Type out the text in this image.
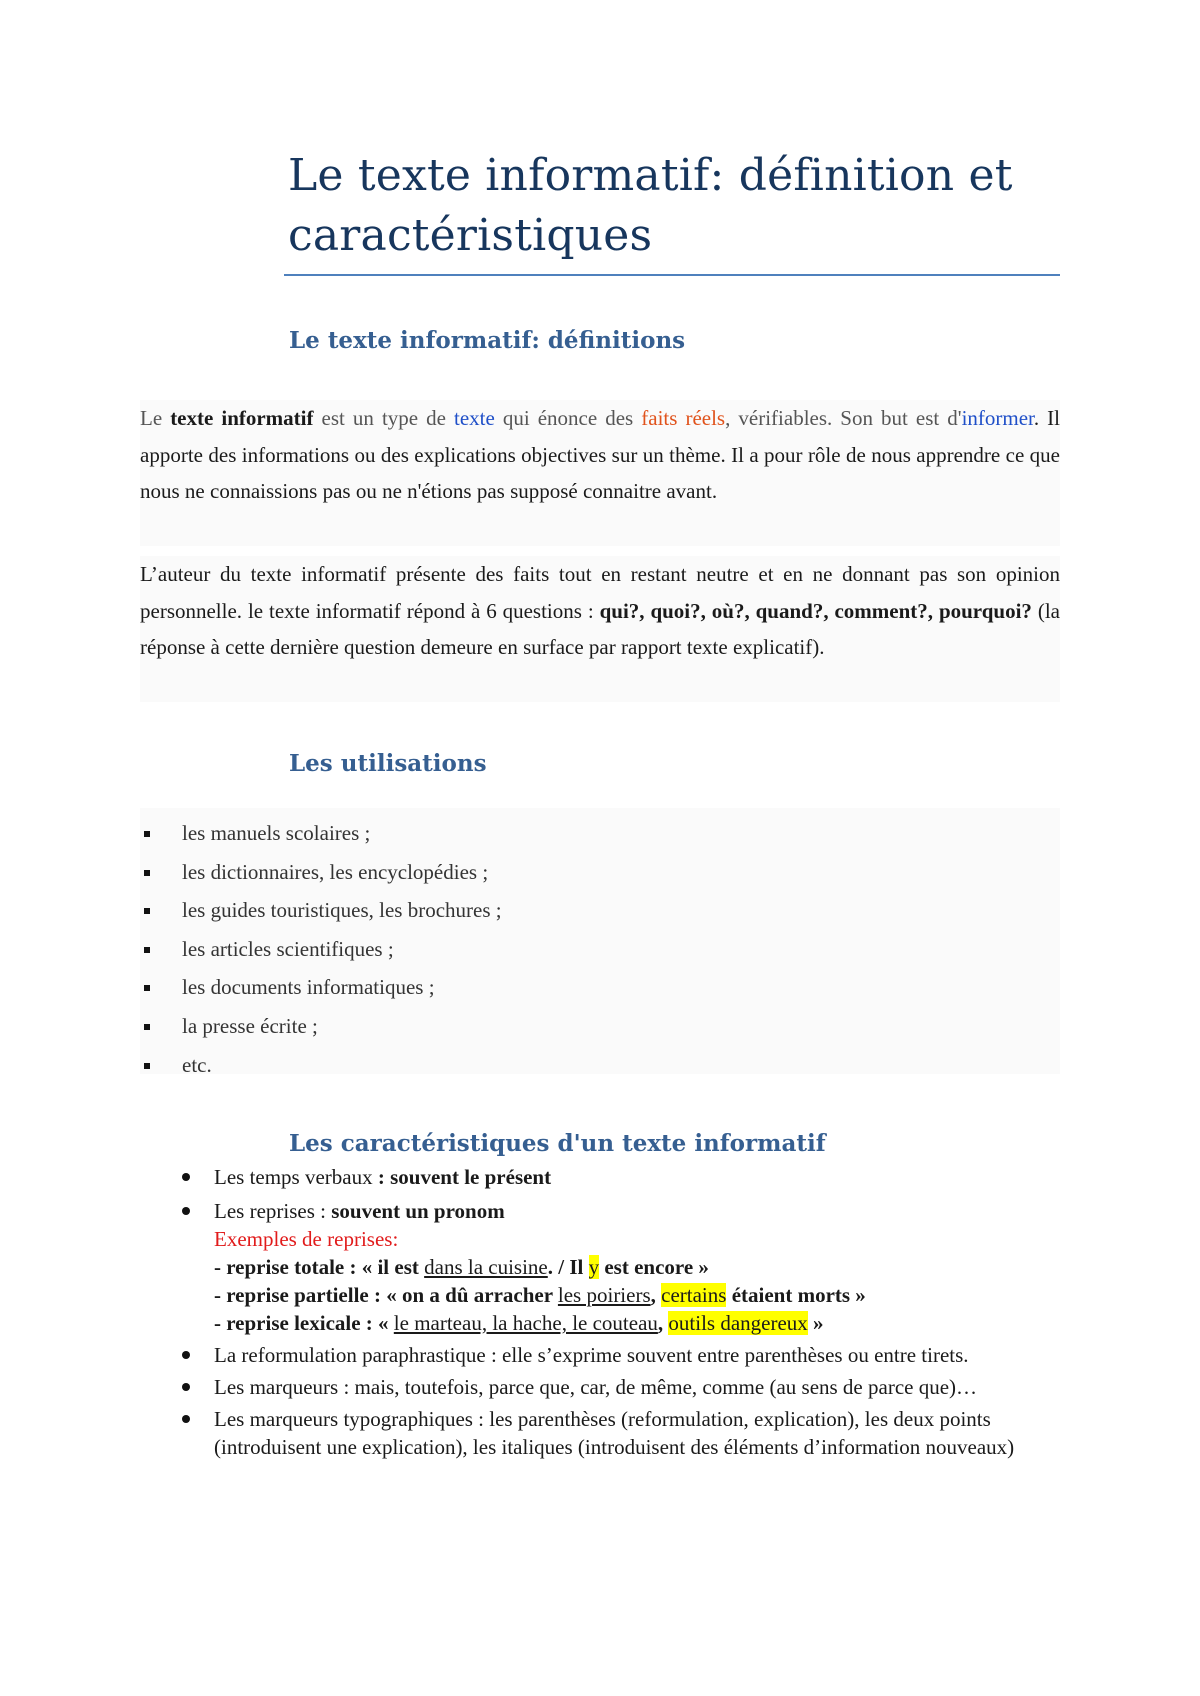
Le texte informatif: définition et caractéristiques
Le texte informatif: définitions

Le texte informatif est un type de texte qui énonce des faits réels, vérifiables. Son but est d'informer. Il apporte des informations ou des explications objectives sur un thème. Il a pour rôle de nous apprendre ce que nous ne connaissions pas ou ne n'étions pas supposé connaitre avant.

L’auteur du texte informatif présente des faits tout en restant neutre et en ne donnant pas son opinion personnelle. le texte informatif répond à 6 questions : qui?, quoi?, où?, quand?, comment?, pourquoi? (la réponse à cette dernière question demeure en surface par rapport texte explicatif).

Les utilisations
les manuels scolaires ;
les dictionnaires, les encyclopédies ;
les guides touristiques, les brochures ;
les articles scientifiques ;
les documents informatiques ;
la presse écrite ;
etc.
Les caractéristiques d'un texte informatif
Les temps verbaux : souvent le présent
Les reprises : souvent un pronom
Exemples de reprises:
- reprise totale : « il est dans la cuisine. / Il y est encore »
- reprise partielle : « on a dû arracher les poiriers, certains étaient morts »
- reprise lexicale : « le marteau, la hache, le couteau, outils dangereux »
La reformulation paraphrastique : elle s’exprime souvent entre parenthèses ou entre tirets.
Les marqueurs : mais, toutefois, parce que, car, de même, comme (au sens de parce que)…
Les marqueurs typographiques : les parenthèses (reformulation, explication), les deux points (introduisent une explication), les italiques (introduisent des éléments d’information nouveaux)
